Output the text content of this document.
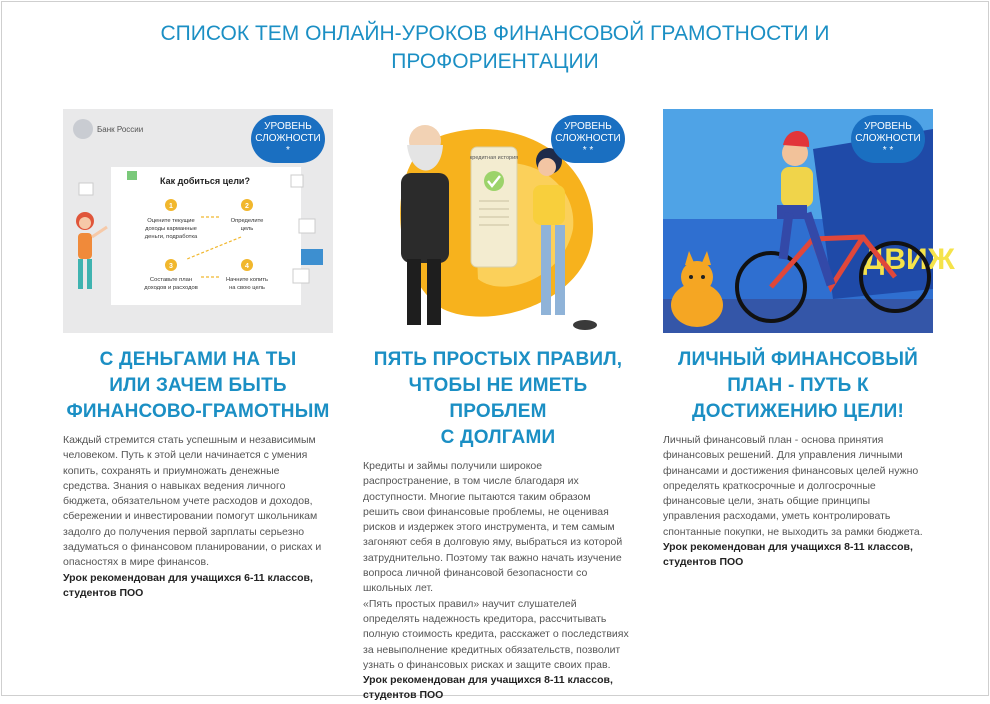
СПИСОК ТЕМ ОНЛАЙН-УРОКОВ ФИНАНСОВОЙ ГРАМОТНОСТИ И
ПРОФОРИЕНТАЦИИ
Банк России
Как добиться цели?
1
Оцените текущие
доходы карманные
деньги, подработка
2
Определите
цель
3
Составьте план
доходов и расходов
4
Начните копить
на свою цель
УРОВЕНЬ
СЛОЖНОСТИ
*
С ДЕНЬГАМИ НА ТЫ
ИЛИ ЗАЧЕМ БЫТЬ
ФИНАНСОВО-ГРАМОТНЫМ

Каждый стремится стать успешным и независимым

человеком. Путь к этой цели начинается с умения

копить, сохранять и приумножать денежные

средства. Знания о навыках ведения личного

бюджета, обязательном учете расходов и доходов,

сбережении и инвестировании помогут школьникам

задолго до получения первой зарплаты серьезно

задуматься о финансовом планировании, о рисках и

опасностях в мире финансов.

Урок рекомендован для учащихся 6-11 классов,
студентов ПОО
кредитная история
УРОВЕНЬ
СЛОЖНОСТИ
* *
ПЯТЬ ПРОСТЫХ ПРАВИЛ,
ЧТОБЫ НЕ ИМЕТЬ ПРОБЛЕМ
С ДОЛГАМИ

Кредиты и займы получили широкое

распространение, в том числе благодаря их

доступности. Многие пытаются таким образом

решить свои финансовые проблемы, не оценивая

рисков и издержек этого инструмента, и тем самым

загоняют себя в долговую яму, выбраться из которой

затруднительно. Поэтому так важно начать изучение

вопроса личной финансовой безопасности со

школьных лет.

«Пять простых правил» научит слушателей

определять надежность кредитора, рассчитывать

полную стоимость кредита, расскажет о последствиях

за невыполнение кредитных обязательств, позволит

узнать о финансовых рисках и защите своих прав.

Урок рекомендован для учащихся 8-11 классов,
студентов ПОО
ДВИЖ
УРОВЕНЬ
СЛОЖНОСТИ
* *
ЛИЧНЫЙ ФИНАНСОВЫЙ
ПЛАН - ПУТЬ К
ДОСТИЖЕНИЮ ЦЕЛИ!

Личный финансовый план - основа принятия

финансовых решений. Для управления личными

финансами и достижения финансовых целей нужно

определять краткосрочные и долгосрочные

финансовые цели, знать общие принципы

управления расходами, уметь контролировать

спонтанные покупки, не выходить за рамки бюджета.

Урок рекомендован для учащихся 8-11 классов,
студентов ПОО
